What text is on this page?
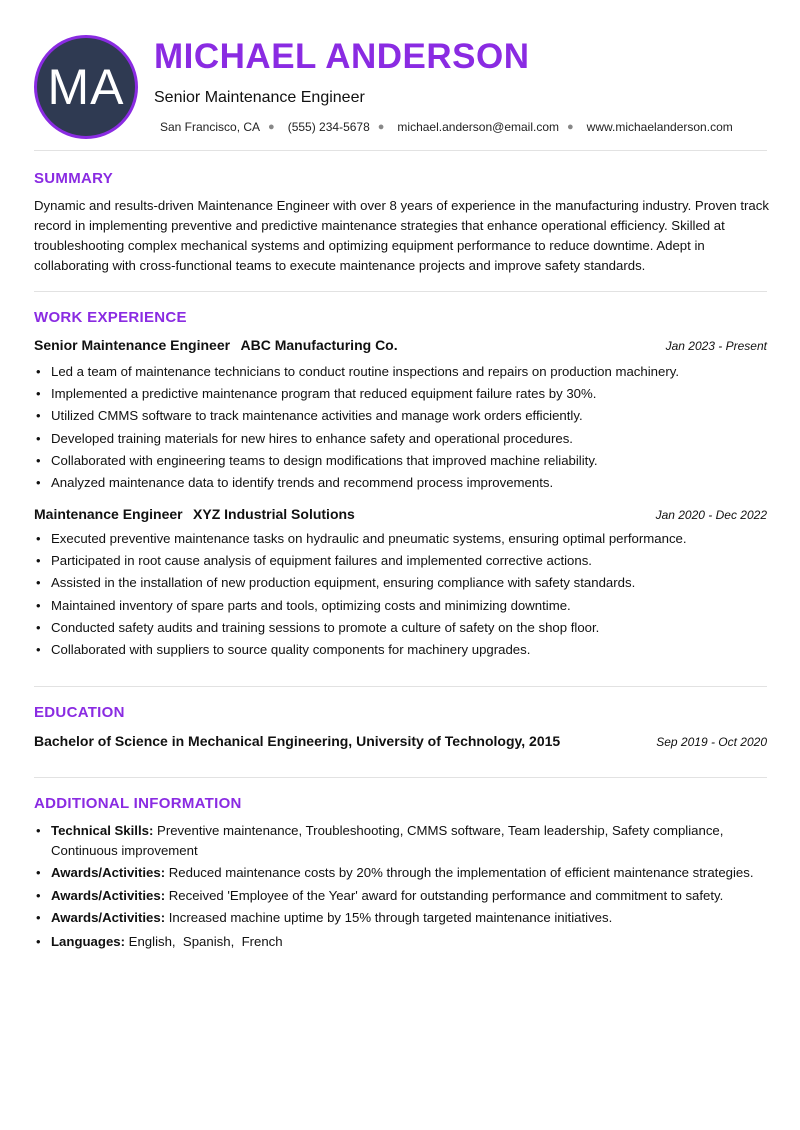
MA
MICHAEL ANDERSON
Senior Maintenance Engineer
San Francisco, CA ● (555) 234-5678 ● michael.anderson@email.com ● www.michaelanderson.com
SUMMARY
Dynamic and results-driven Maintenance Engineer with over 8 years of experience in the manufacturing industry. Proven track record in implementing preventive and predictive maintenance strategies that enhance operational efficiency. Skilled at troubleshooting complex mechanical systems and optimizing equipment performance to reduce downtime. Adept in collaborating with cross-functional teams to execute maintenance projects and improve safety standards.
WORK EXPERIENCE
Senior Maintenance Engineer ABC Manufacturing Co.	Jan 2023 - Present
• Led a team of maintenance technicians to conduct routine inspections and repairs on production machinery.
• Implemented a predictive maintenance program that reduced equipment failure rates by 30%.
• Utilized CMMS software to track maintenance activities and manage work orders efficiently.
• Developed training materials for new hires to enhance safety and operational procedures.
• Collaborated with engineering teams to design modifications that improved machine reliability.
• Analyzed maintenance data to identify trends and recommend process improvements.
Maintenance Engineer XYZ Industrial Solutions	Jan 2020 - Dec 2022
• Executed preventive maintenance tasks on hydraulic and pneumatic systems, ensuring optimal performance.
• Participated in root cause analysis of equipment failures and implemented corrective actions.
• Assisted in the installation of new production equipment, ensuring compliance with safety standards.
• Maintained inventory of spare parts and tools, optimizing costs and minimizing downtime.
• Conducted safety audits and training sessions to promote a culture of safety on the shop floor.
• Collaborated with suppliers to source quality components for machinery upgrades.
EDUCATION
Bachelor of Science in Mechanical Engineering, University of Technology, 2015	Sep 2019 - Oct 2020
ADDITIONAL INFORMATION
• Technical Skills: Preventive maintenance, Troubleshooting, CMMS software, Team leadership, Safety compliance, Continuous improvement
• Awards/Activities: Reduced maintenance costs by 20% through the implementation of efficient maintenance strategies.
• Awards/Activities: Received 'Employee of the Year' award for outstanding performance and commitment to safety.
• Awards/Activities: Increased machine uptime by 15% through targeted maintenance initiatives.
• Languages: English,  Spanish,  French
